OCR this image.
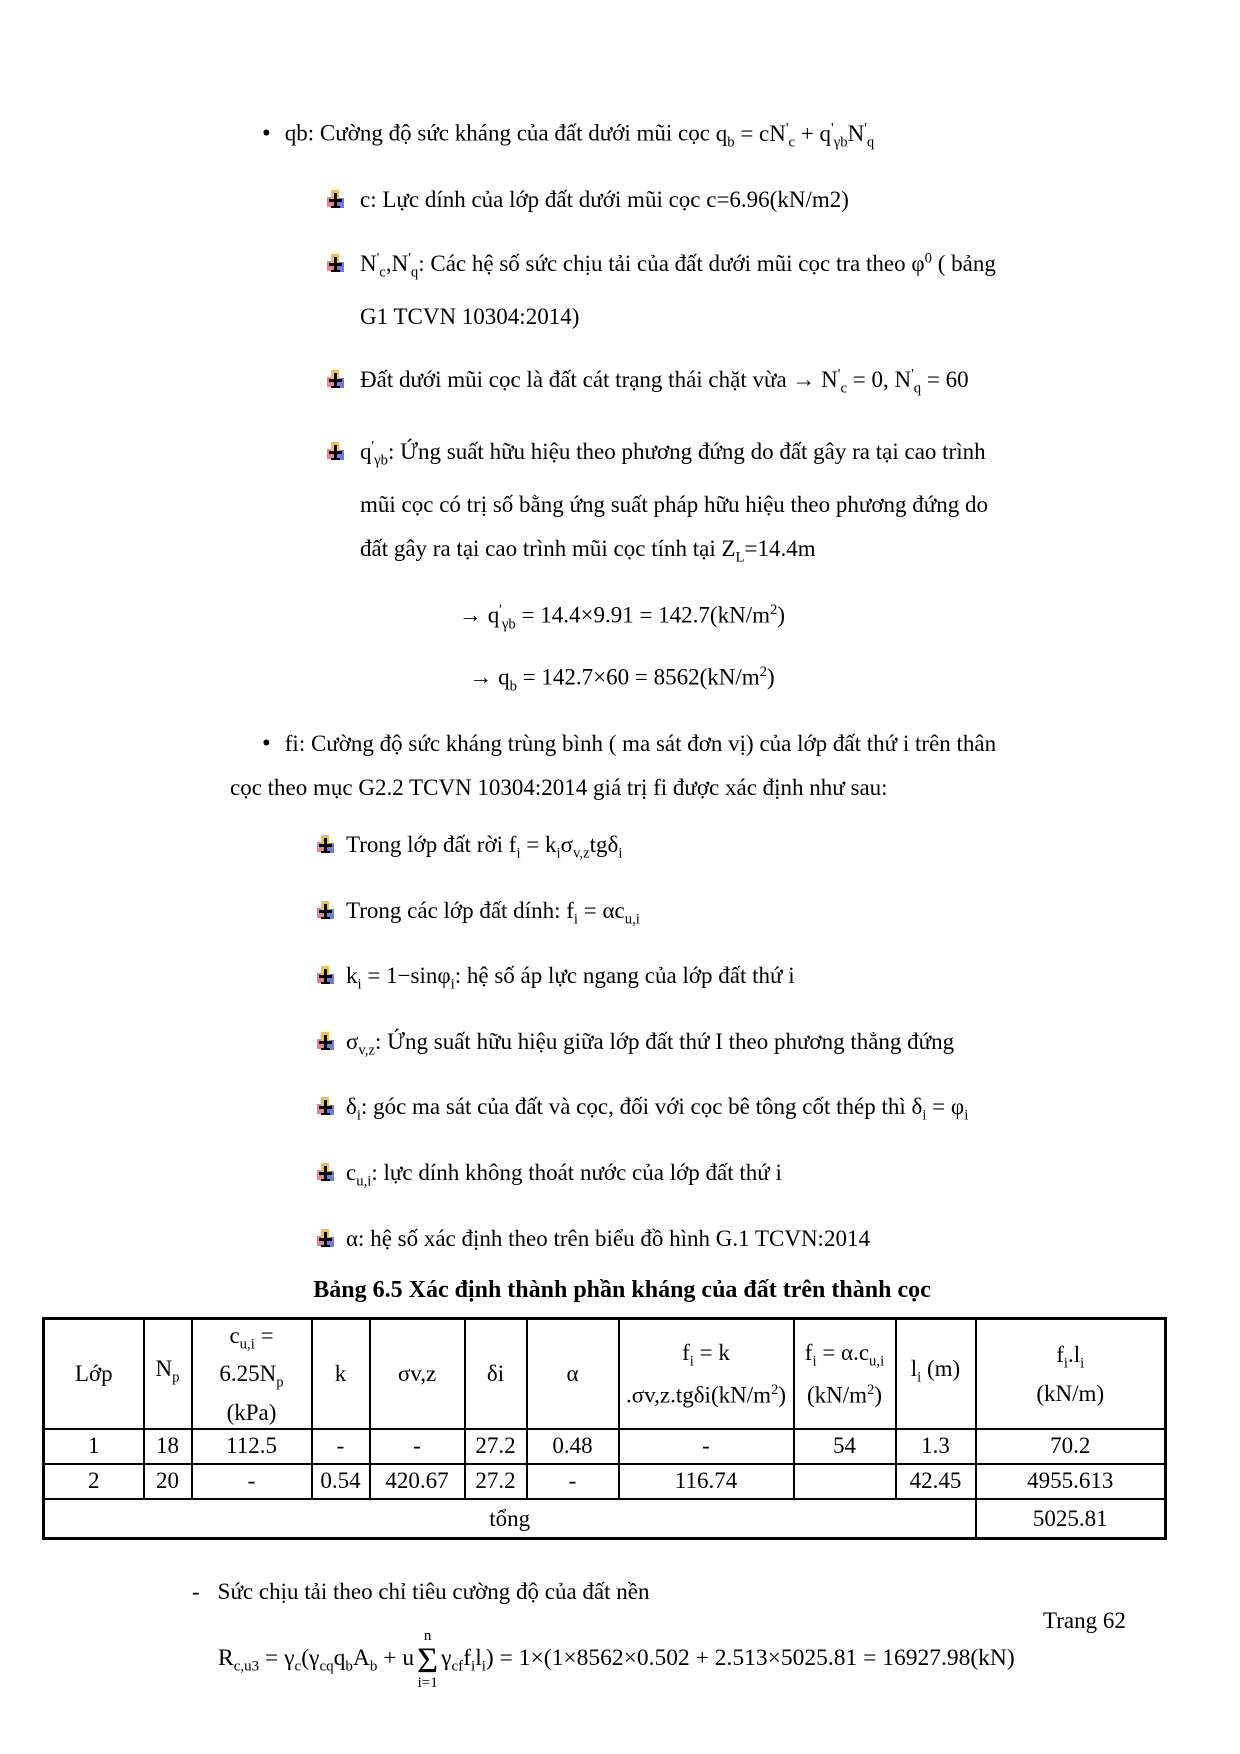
• qb: Cường độ sức kháng của đất dưới mũi cọc $q_b = cN'_c + q'_{\gamma b}N'_q$
c: Lực dính của lớp đất dưới mũi cọc c=6.96(kN/m2)
$N'_c,N'_q$: Các hệ số sức chịu tải của đất dưới mũi cọc tra theo $\varphi^0$ ( bảng G1 TCVN 10304:2014)
Đất dưới mũi cọc là đất cát trạng thái chặt vừa → $N'_c = 0$, $N'_q = 60$
$q'_{\gamma b}$: Ứng suất hữu hiệu theo phương đứng do đất gây ra tại cao trình mũi cọc có trị số bằng ứng suất pháp hữu hiệu theo phương đứng do đất gây ra tại cao trình mũi cọc tính tại $Z_L=14.4m$
→ $q'_{\gamma b} = 14.4\times 9.91 = 142.7(kN/m^2)$
→ $q_b = 142.7\times 60 = 8562(kN/m^2)$
• fi: Cường độ sức kháng trùng bình ( ma sát đơn vị) của lớp đất thứ i trên thân cọc theo mục G2.2 TCVN 10304:2014 giá trị fi được xác định như sau:
Trong lớp đất rời $f_i = k_i\sigma_{v,z}tg\delta_i$
Trong các lớp đất dính: $f_i = \alpha c_{u,i}$
$k_i = 1-\sin\varphi_i$: hệ số áp lực ngang của lớp đất thứ i
$\sigma_{v,z}$: Ứng suất hữu hiệu giữa lớp đất thứ I theo phương thẳng đứng
$\delta_i$: góc ma sát của đất và cọc, đối với cọc bê tông cốt thép thì $\delta_i = \varphi_i$
$c_{u,i}$: lực dính không thoát nước của lớp đất thứ i
α: hệ số xác định theo trên biểu đồ hình G.1 TCVN:2014
Bảng 6.5 Xác định thành phần kháng của đất trên thành cọc
Lớp	$N_p$	$c_{u,i}$ =
$6.25N_p$
(kPa)	k	σv,z	δi	α	$f_i = k$
$.\sigma v,z.tg\delta i(kN/m^2)$	$f_i = \alpha.c_{u,i}$
$(kN/m^2)$	$l_i$ (m)	$f_i.l_i$
(kN/m)
1	18	112.5	-	-	27.2	0.48	-	54	1.3	70.2
2	20	-	0.54	420.67	27.2	-	116.74		42.45	4955.613
tổng										5025.81
- Sức chịu tải theo chỉ tiêu cường độ của đất nền
$R_{c,u3} = \gamma_c(\gamma_{cq}q_bA_b + u$
n
Σ
i=1
$\gamma_{cf}f_il_i) = 1\times(1\times 8562\times 0.502 + 2.513\times 5025.81 = 16927.98(kN)$
Trang 62
